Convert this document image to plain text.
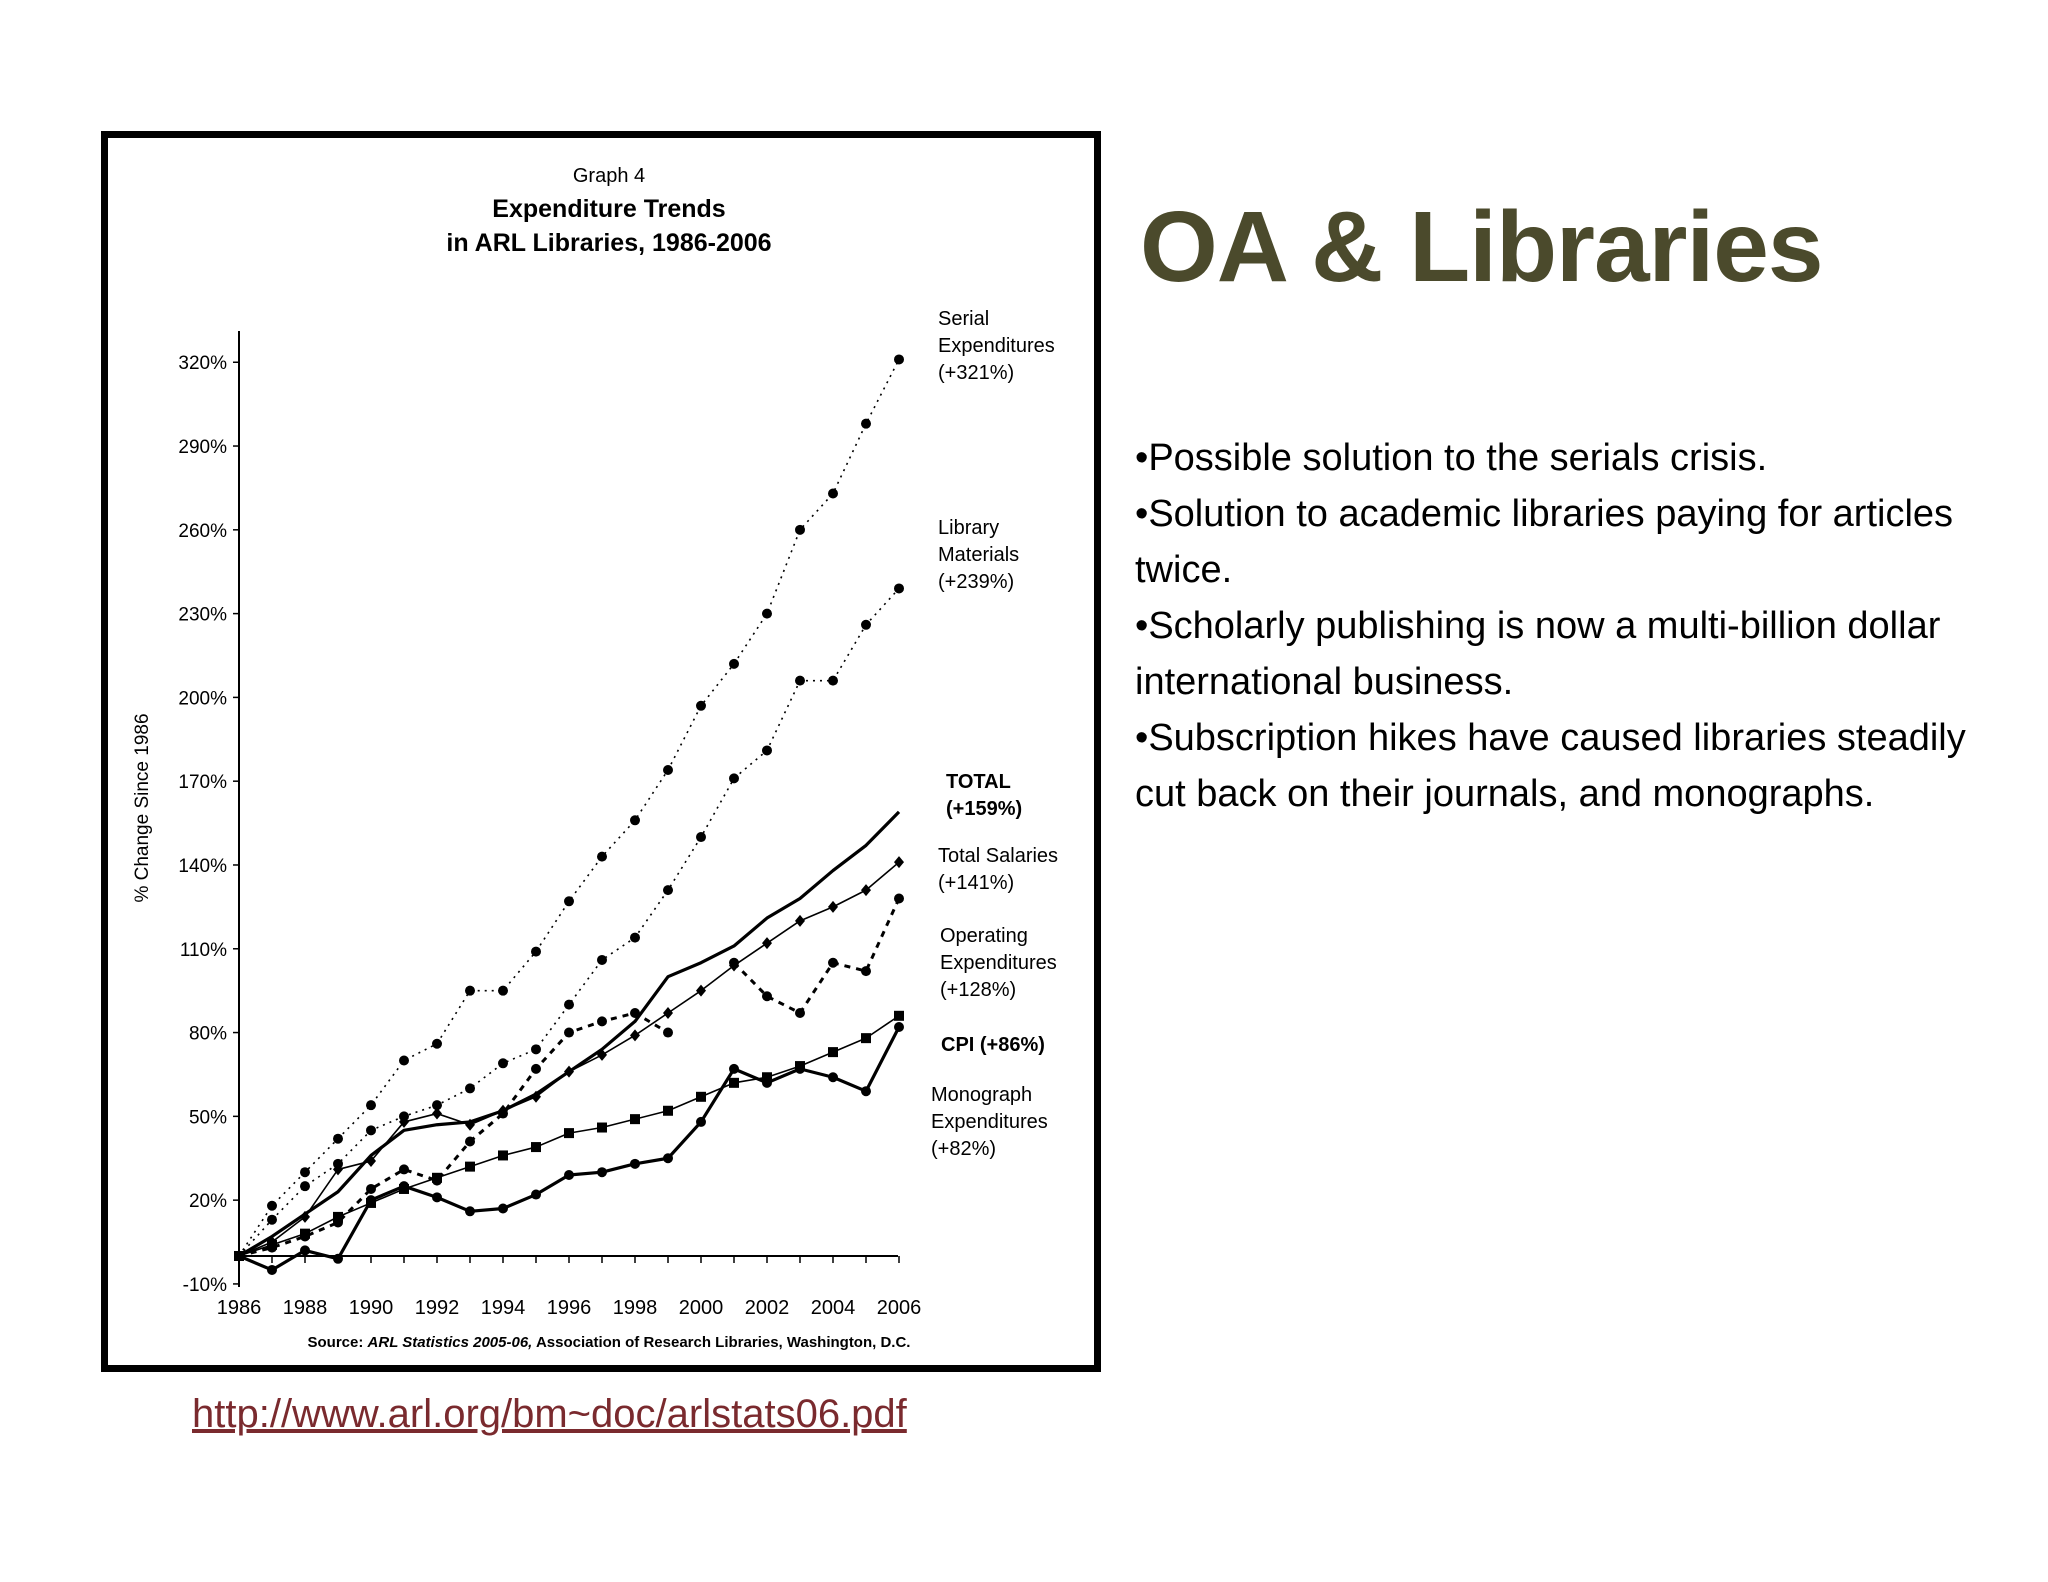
Graph 4
Expenditure Trends
in ARL Libraries, 1986-2006
% Change Since 1986
320%
290%
260%
230%
200%
170%
140%
110%
80%
50%
20%
-10%
1986 1988 1990 1992 1994 1996 1998 2000 2002 2004 2006
Serial
Expenditures
(+321%)
Library
Materials
(+239%)
TOTAL
(+159%)
Total Salaries
(+141%)
Operating
Expenditures
(+128%)
CPI (+86%)
Monograph
Expenditures
(+82%)
Source: ARL Statistics 2005-06, Association of Research Libraries, Washington, D.C.
OA & Libraries
• Possible solution to the serials crisis.
• Solution to academic libraries paying for articles twice.
• Scholarly publishing is now a multi-billion dollar international business.
• Subscription hikes have caused libraries steadily cut back on their journals, and monographs.
http://www.arl.org/bm~doc/arlstats06.pdf
